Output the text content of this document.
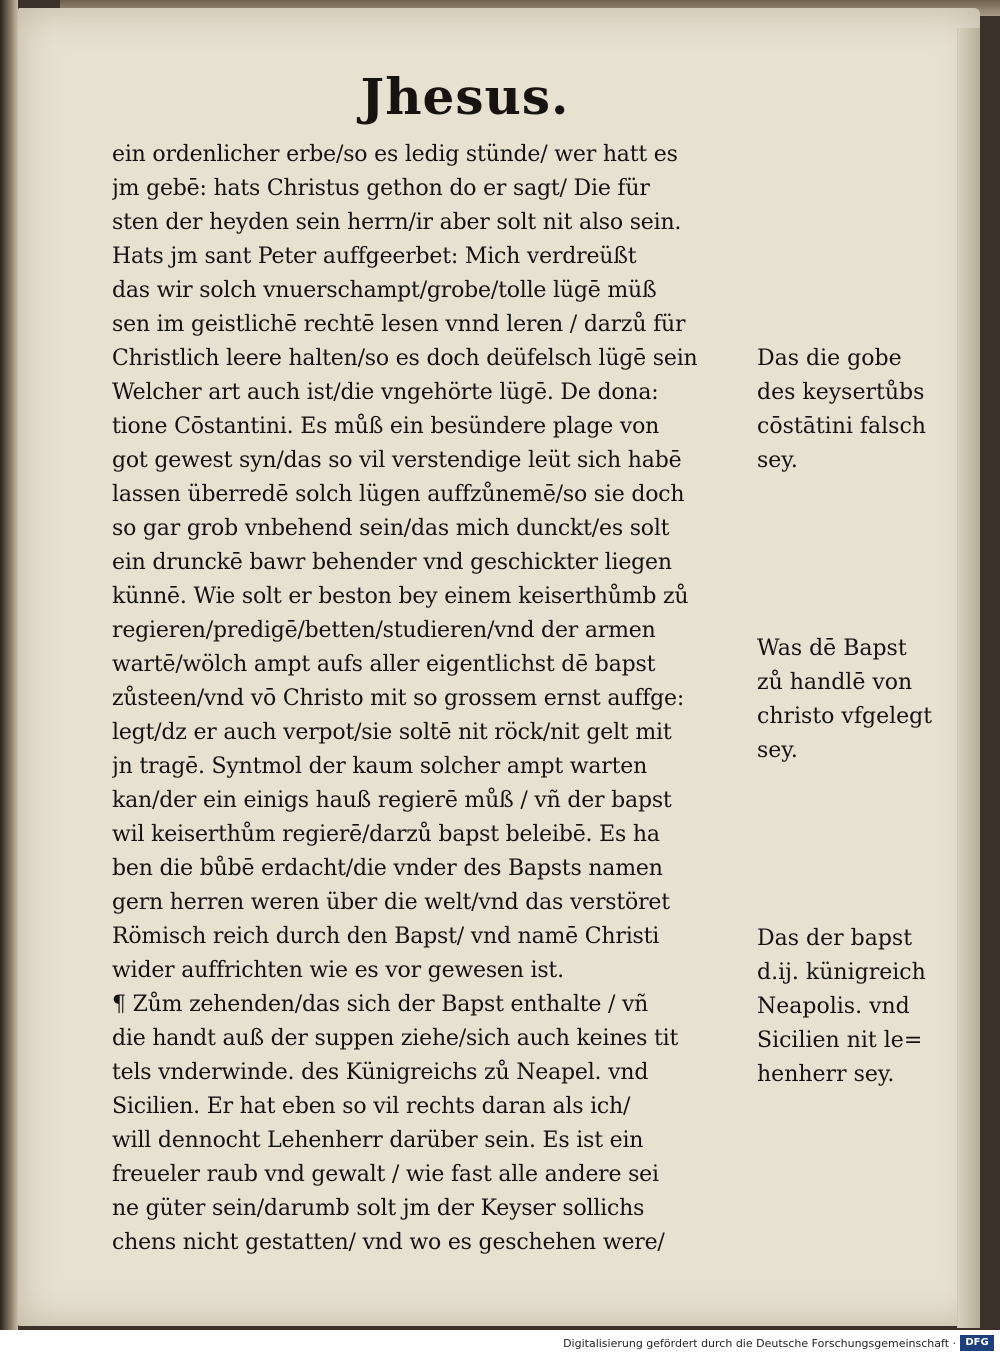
Jhesus.
ein ordenlicher erbe/so es ledig stünde/ wer hatt es
jm gebē: hats Christus gethon do er sagt/ Die für
sten der heyden sein herrn/ir aber solt nit also sein.
Hats jm sant Peter auffgeerbet: Mich verdreüßt
das wir solch vnuerschampt/grobe/tolle lügē müß
sen im geistlichē rechtē lesen vnnd leren / darzů für
Christlich leere halten/so es doch deüfelsch lügē sein
Welcher art auch ist/die vngehörte lügē. De dona:
tione Cōstantini. Es můß ein besündere plage von
got gewest syn/das so vil verstendige leüt sich habē
lassen überredē solch lügen auffzůnemē/so sie doch
so gar grob vnbehend sein/das mich dunckt/es solt
ein drunckē bawr behender vnd geschickter liegen
künnē. Wie solt er beston bey einem keiserthůmb zů
regieren/predigē/betten/studieren/vnd der armen
wartē/wölch ampt aufs aller eigentlichst dē bapst
zůsteen/vnd vō Christo mit so grossem ernst auffge:
legt/dz er auch verpot/sie soltē nit röck/nit gelt mit
jn tragē. Syntmol der kaum solcher ampt warten
kan/der ein einigs hauß regierē můß / vñ der bapst
wil keiserthům regierē/darzů bapst beleibē. Es ha
ben die bůbē erdacht/die vnder des Bapsts namen
gern herren weren über die welt/vnd das verstöret
Römisch reich durch den Bapst/ vnd namē Christi
wider auffrichten wie es vor gewesen ist.
¶ Zům zehenden/das sich der Bapst enthalte / vñ
die handt auß der suppen ziehe/sich auch keines tit
tels vnderwinde. des Künigreichs zů Neapel. vnd
Sicilien. Er hat eben so vil rechts daran als ich/
will dennocht Lehenherr darüber sein. Es ist ein
freueler raub vnd gewalt / wie fast alle andere sei
ne güter sein/darumb solt jm der Keyser sollichs
chens nicht gestatten/ vnd wo es geschehen were/
Das die gobe
des keysertůbs
cōstātini falsch
sey.
Was dē Bapst
zů handlē von
christo vfgelegt
sey.
Das der bapst
d.ij. künigreich
Neapolis. vnd
Sicilien nit le=
henherr sey.
Digitalisierung gefördert durch die Deutsche Forschungsgemeinschaft · DFG
